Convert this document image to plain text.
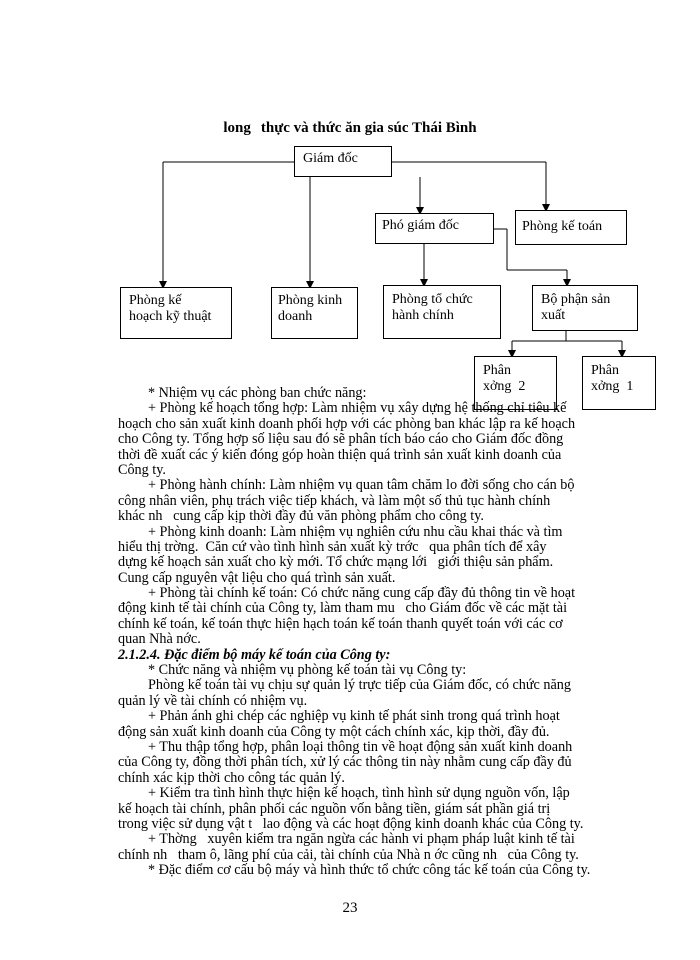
long thực và thức ăn gia súc Thái Bình
Giám đốc
Phó giám đốc	Phòng kế toán
Phòng kế
hoạch kỹ thuật
Phòng kinh
doanh
Phòng tổ chức
hành chính
Bộ phận sản
xuất
Phân
xởng  2
Phân
xởng  1
* Nhiệm vụ các phòng ban chức năng:
+ Phòng kế hoạch tổng hợp: Làm nhiệm vụ xây dựng hệ thống chỉ tiêu kế
hoạch cho sản xuất kinh doanh phối hợp với các phòng ban khác lập ra kế hoạch
cho Công ty. Tổng hợp số liệu sau đó sẽ phân tích báo cáo cho Giám đốc đồng
thời đề xuất các ý kiến đóng góp hoàn thiện quá trình sản xuất kinh doanh của
Công ty.
+ Phòng hành chính: Làm nhiệm vụ quan tâm chăm lo đời sống cho cán bộ
công nhân viên, phụ trách việc tiếp khách, và làm một số thủ tục hành chính
khác nh   cung cấp kịp thời đầy đủ văn phòng phẩm cho công ty.
+ Phòng kinh doanh: Làm nhiệm vụ nghiên cứu nhu cầu khai thác và tìm
hiểu thị trờng.  Căn cứ vào tình hình sản xuất kỳ trớc   qua phân tích để xây
dựng kế hoạch sản xuất cho kỳ mới. Tổ chức mạng lới   giới thiệu sản phẩm.
Cung cấp nguyên vật liệu cho quá trình sản xuất.
+ Phòng tài chính kế toán: Có chức năng cung cấp đầy đủ thông tin về hoạt
động kinh tế tài chính của Công ty, làm tham mu   cho Giám đốc về các mặt tài
chính kế toán, kế toán thực hiện hạch toán kế toán thanh quyết toán với các cơ
quan Nhà nớc.
2.1.2.4. Đặc điểm bộ máy kế toán của Công ty:
* Chức năng và nhiệm vụ phòng kế toán tài vụ Công ty:
Phòng kế toán tài vụ chịu sự quản lý trực tiếp của Giám đốc, có chức năng
quản lý về tài chính có nhiệm vụ.
+ Phản ánh ghi chép các nghiệp vụ kinh tế phát sinh trong quá trình hoạt
động sản xuất kinh doanh của Công ty một cách chính xác, kịp thời, đầy đủ.
+ Thu thập tổng hợp, phân loại thông tin về hoạt động sản xuất kinh doanh
của Công ty, đồng thời phân tích, xử lý các thông tin này nhằm cung cấp đầy đủ
chính xác kịp thời cho công tác quản lý.
+ Kiểm tra tình hình thực hiện kế hoạch, tình hình sử dụng nguồn vốn, lập
kế hoạch tài chính, phân phối các nguồn vốn bằng tiền, giám sát phần giá trị
trong việc sử dụng vật t   lao động và các hoạt động kinh doanh khác của Công ty.
+ Thờng   xuyên kiểm tra ngăn ngừa các hành vi phạm pháp luật kinh tế tài
chính nh   tham ô, lãng phí của cải, tài chính của Nhà n ớc cũng nh   của Công ty.
* Đặc điểm cơ cấu bộ máy và hình thức tổ chức công tác kế toán của Công ty.
23
